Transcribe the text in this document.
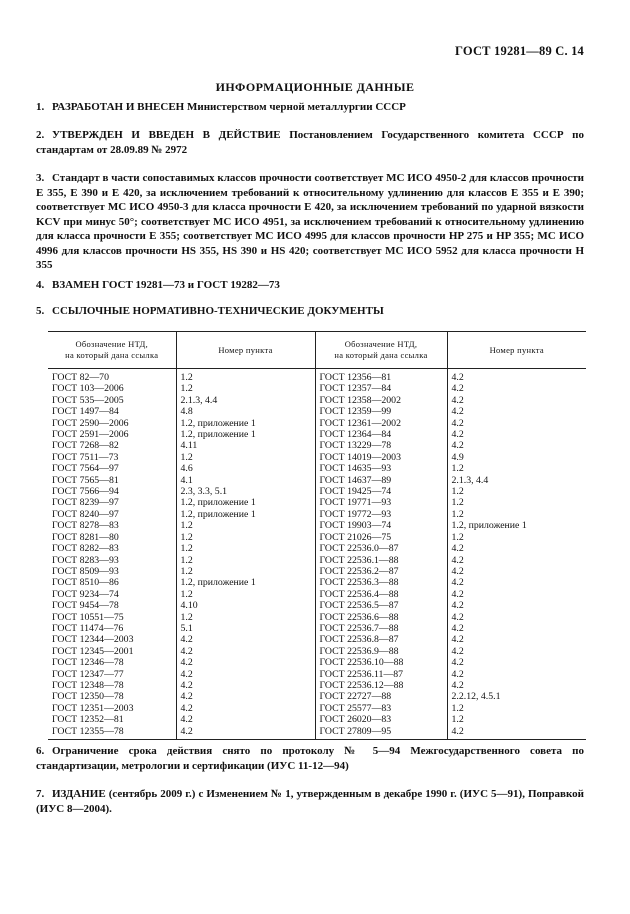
ГОСТ 19281—89 С. 14
ИНФОРМАЦИОННЫЕ ДАННЫЕ
1. РАЗРАБОТАН И ВНЕСЕН Министерством черной металлургии СССР
2. УТВЕРЖДЕН И ВВЕДЕН В ДЕЙСТВИЕ Постановлением Государственного комитета СССР по стандартам от 28.09.89 № 2972
3. Стандарт в части сопоставимых классов прочности соответствует МС ИСО 4950-2 для классов прочности Е 355, Е 390 и Е 420, за исключением требований к относительному удлинению для классов Е 355 и Е 390; соответствует МС ИСО 4950-3 для класса прочности Е 420, за исключением требований по ударной вязкости KCV при минус 50°; соответствует МС ИСО 4951, за исключением требований к относительному удлинению для класса прочности Е 355; соответствует МС ИСО 4995 для классов прочности HP 275 и HP 355; МС ИСО 4996 для классов прочности HS 355, HS 390 и HS 420; соответствует МС ИСО 5952 для класса прочности Н 355
4. ВЗАМЕН ГОСТ 19281—73 и ГОСТ 19282—73
5. ССЫЛОЧНЫЕ НОРМАТИВНО-ТЕХНИЧЕСКИЕ ДОКУМЕНТЫ
Обозначение НТД,
на который дана ссылка	Номер пункта	Обозначение НТД,
на который дана ссылка	Номер пункта
ГОСТ 82—70	1.2	ГОСТ 12356—81	4.2
ГОСТ 103—2006	1.2	ГОСТ 12357—84	4.2
ГОСТ 535—2005	2.1.3, 4.4	ГОСТ 12358—2002	4.2
ГОСТ 1497—84	4.8	ГОСТ 12359—99	4.2
ГОСТ 2590—2006	1.2, приложение 1	ГОСТ 12361—2002	4.2
ГОСТ 2591—2006	1.2, приложение 1	ГОСТ 12364—84	4.2
ГОСТ 7268—82	4.11	ГОСТ 13229—78	4.2
ГОСТ 7511—73	1.2	ГОСТ 14019—2003	4.9
ГОСТ 7564—97	4.6	ГОСТ 14635—93	1.2
ГОСТ 7565—81	4.1	ГОСТ 14637—89	2.1.3, 4.4
ГОСТ 7566—94	2.3, 3.3, 5.1	ГОСТ 19425—74	1.2
ГОСТ 8239—97	1.2, приложение 1	ГОСТ 19771—93	1.2
ГОСТ 8240—97	1.2, приложение 1	ГОСТ 19772—93	1.2
ГОСТ 8278—83	1.2	ГОСТ 19903—74	1.2, приложение 1
ГОСТ 8281—80	1.2	ГОСТ 21026—75	1.2
ГОСТ 8282—83	1.2	ГОСТ 22536.0—87	4.2
ГОСТ 8283—93	1.2	ГОСТ 22536.1—88	4.2
ГОСТ 8509—93	1.2	ГОСТ 22536.2—87	4.2
ГОСТ 8510—86	1.2, приложение 1	ГОСТ 22536.3—88	4.2
ГОСТ 9234—74	1.2	ГОСТ 22536.4—88	4.2
ГОСТ 9454—78	4.10	ГОСТ 22536.5—87	4.2
ГОСТ 10551—75	1.2	ГОСТ 22536.6—88	4.2
ГОСТ 11474—76	5.1	ГОСТ 22536.7—88	4.2
ГОСТ 12344—2003	4.2	ГОСТ 22536.8—87	4.2
ГОСТ 12345—2001	4.2	ГОСТ 22536.9—88	4.2
ГОСТ 12346—78	4.2	ГОСТ 22536.10—88	4.2
ГОСТ 12347—77	4.2	ГОСТ 22536.11—87	4.2
ГОСТ 12348—78	4.2	ГОСТ 22536.12—88	4.2
ГОСТ 12350—78	4.2	ГОСТ 22727—88	2.2.12, 4.5.1
ГОСТ 12351—2003	4.2	ГОСТ 25577—83	1.2
ГОСТ 12352—81	4.2	ГОСТ 26020—83	1.2
ГОСТ 12355—78	4.2	ГОСТ 27809—95	4.2
6. Ограничение срока действия снято по протоколу № 5—94 Межгосударственного совета по стандартизации, метрологии и сертификации (ИУС 11-12—94)
7. ИЗДАНИЕ (сентябрь 2009 г.) с Изменением № 1, утвержденным в декабре 1990 г. (ИУС 5—91), Поправкой (ИУС 8—2004).
